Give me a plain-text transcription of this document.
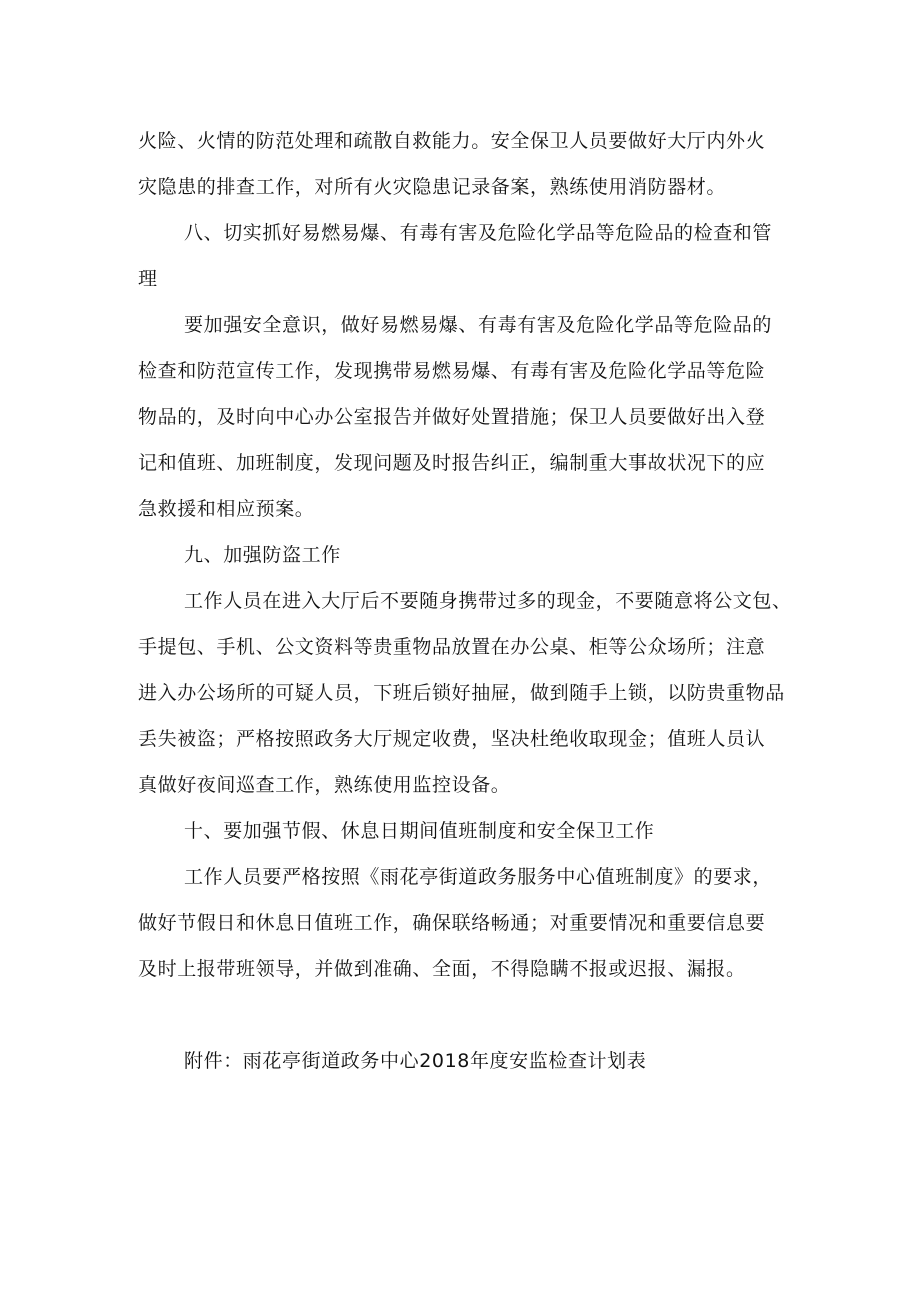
火险、火情的防范处理和疏散自救能力。安全保卫人员要做好大厅内外火
灾隐患的排查工作，对所有火灾隐患记录备案，熟练使用消防器材。
八、切实抓好易燃易爆、有毒有害及危险化学品等危险品的检查和管
理
要加强安全意识，做好易燃易爆、有毒有害及危险化学品等危险品的
检查和防范宣传工作，发现携带易燃易爆、有毒有害及危险化学品等危险
物品的，及时向中心办公室报告并做好处置措施；保卫人员要做好出入登
记和值班、加班制度，发现问题及时报告纠正，编制重大事故状况下的应
急救援和相应预案。
九、加强防盗工作
工作人员在进入大厅后不要随身携带过多的现金，不要随意将公文包、
手提包、手机、公文资料等贵重物品放置在办公桌、柜等公众场所；注意
进入办公场所的可疑人员，下班后锁好抽屉，做到随手上锁，以防贵重物品
丢失被盗；严格按照政务大厅规定收费，坚决杜绝收取现金；值班人员认
真做好夜间巡查工作，熟练使用监控设备。
十、要加强节假、休息日期间值班制度和安全保卫工作
工作人员要严格按照《雨花亭街道政务服务中心值班制度》的要求，
做好节假日和休息日值班工作，确保联络畅通；对重要情况和重要信息要
及时上报带班领导，并做到准确、全面，不得隐瞒不报或迟报、漏报。
附件：雨花亭街道政务中心2018年度安监检查计划表
